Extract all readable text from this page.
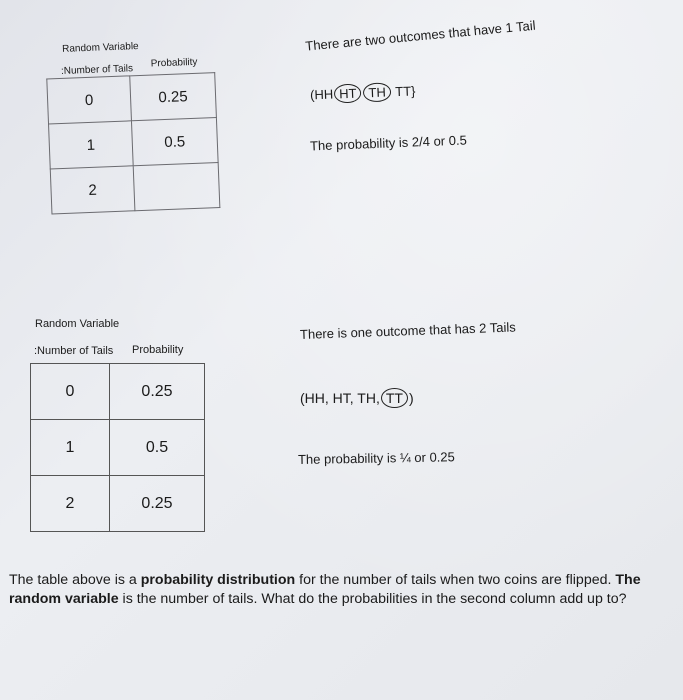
Random Variable
:Number of Tails
Probability
0	0.25
1	0.5
2	
There are two outcomes that have 1 Tail
(HH HT TH TT}
The probability is 2/4 or 0.5
Random Variable
:Number of Tails Probability
0	0.25
1	0.5
2	0.25
There is one outcome that has 2 Tails
(HH, HT, TH, TT )
The probability is ¼ or 0.25
The table above is a probability distribution for the number of tails when two coins are flipped. The random variable is the number of tails. What do the probabilities in the second column add up to?
